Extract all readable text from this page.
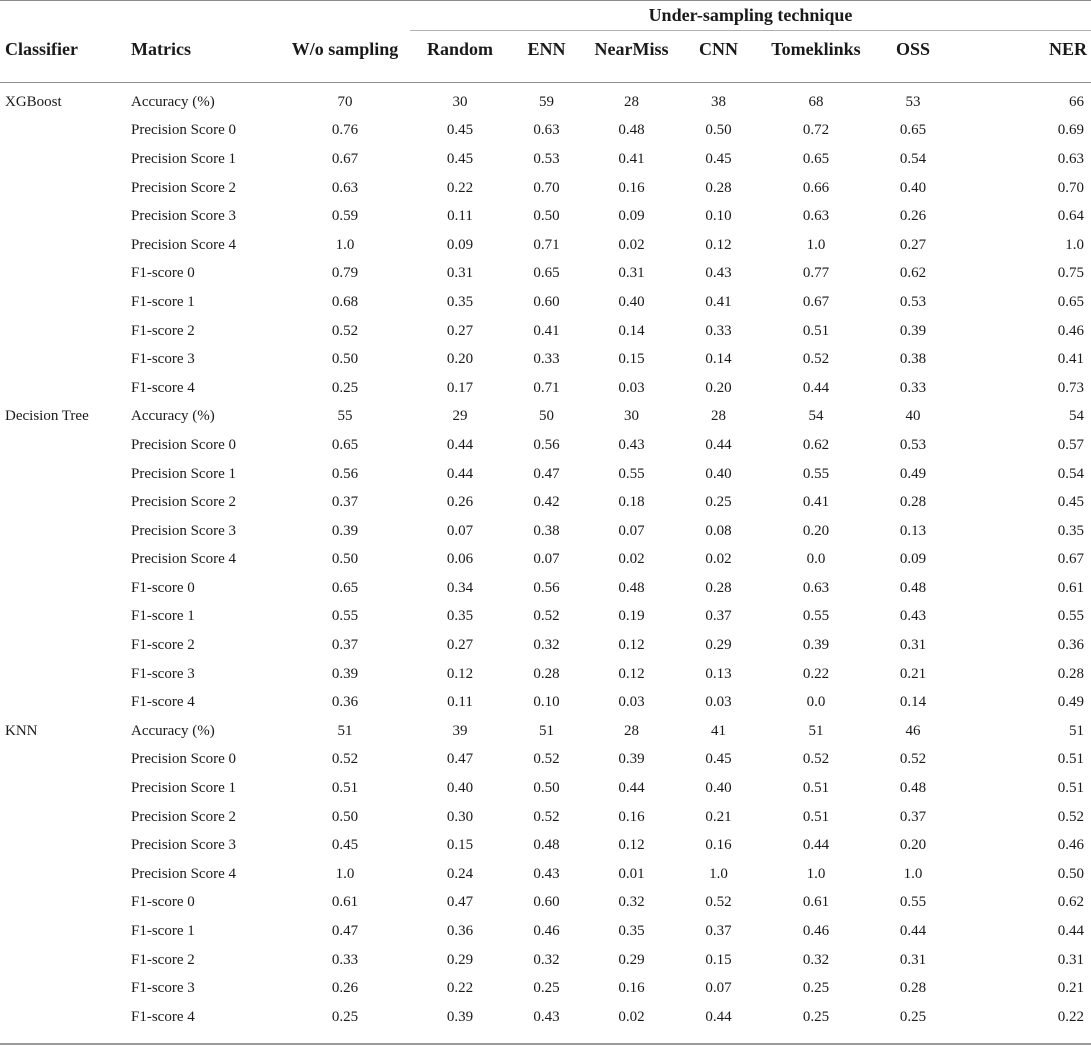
Under-sampling technique
Classifier	Matrics	W/o sampling	Random	ENN	NearMiss	CNN	Tomeklinks	OSS	NER
XGBoost	Accuracy (%)	70	30	59	28	38	68	53	66
	Precision Score 0	0.76	0.45	0.63	0.48	0.50	0.72	0.65	0.69
	Precision Score 1	0.67	0.45	0.53	0.41	0.45	0.65	0.54	0.63
	Precision Score 2	0.63	0.22	0.70	0.16	0.28	0.66	0.40	0.70
	Precision Score 3	0.59	0.11	0.50	0.09	0.10	0.63	0.26	0.64
	Precision Score 4	1.0	0.09	0.71	0.02	0.12	1.0	0.27	1.0
	F1-score 0	0.79	0.31	0.65	0.31	0.43	0.77	0.62	0.75
	F1-score 1	0.68	0.35	0.60	0.40	0.41	0.67	0.53	0.65
	F1-score 2	0.52	0.27	0.41	0.14	0.33	0.51	0.39	0.46
	F1-score 3	0.50	0.20	0.33	0.15	0.14	0.52	0.38	0.41
	F1-score 4	0.25	0.17	0.71	0.03	0.20	0.44	0.33	0.73
Decision Tree	Accuracy (%)	55	29	50	30	28	54	40	54
	Precision Score 0	0.65	0.44	0.56	0.43	0.44	0.62	0.53	0.57
	Precision Score 1	0.56	0.44	0.47	0.55	0.40	0.55	0.49	0.54
	Precision Score 2	0.37	0.26	0.42	0.18	0.25	0.41	0.28	0.45
	Precision Score 3	0.39	0.07	0.38	0.07	0.08	0.20	0.13	0.35
	Precision Score 4	0.50	0.06	0.07	0.02	0.02	0.0	0.09	0.67
	F1-score 0	0.65	0.34	0.56	0.48	0.28	0.63	0.48	0.61
	F1-score 1	0.55	0.35	0.52	0.19	0.37	0.55	0.43	0.55
	F1-score 2	0.37	0.27	0.32	0.12	0.29	0.39	0.31	0.36
	F1-score 3	0.39	0.12	0.28	0.12	0.13	0.22	0.21	0.28
	F1-score 4	0.36	0.11	0.10	0.03	0.03	0.0	0.14	0.49
KNN	Accuracy (%)	51	39	51	28	41	51	46	51
	Precision Score 0	0.52	0.47	0.52	0.39	0.45	0.52	0.52	0.51
	Precision Score 1	0.51	0.40	0.50	0.44	0.40	0.51	0.48	0.51
	Precision Score 2	0.50	0.30	0.52	0.16	0.21	0.51	0.37	0.52
	Precision Score 3	0.45	0.15	0.48	0.12	0.16	0.44	0.20	0.46
	Precision Score 4	1.0	0.24	0.43	0.01	1.0	1.0	1.0	0.50
	F1-score 0	0.61	0.47	0.60	0.32	0.52	0.61	0.55	0.62
	F1-score 1	0.47	0.36	0.46	0.35	0.37	0.46	0.44	0.44
	F1-score 2	0.33	0.29	0.32	0.29	0.15	0.32	0.31	0.31
	F1-score 3	0.26	0.22	0.25	0.16	0.07	0.25	0.28	0.21
	F1-score 4	0.25	0.39	0.43	0.02	0.44	0.25	0.25	0.22
